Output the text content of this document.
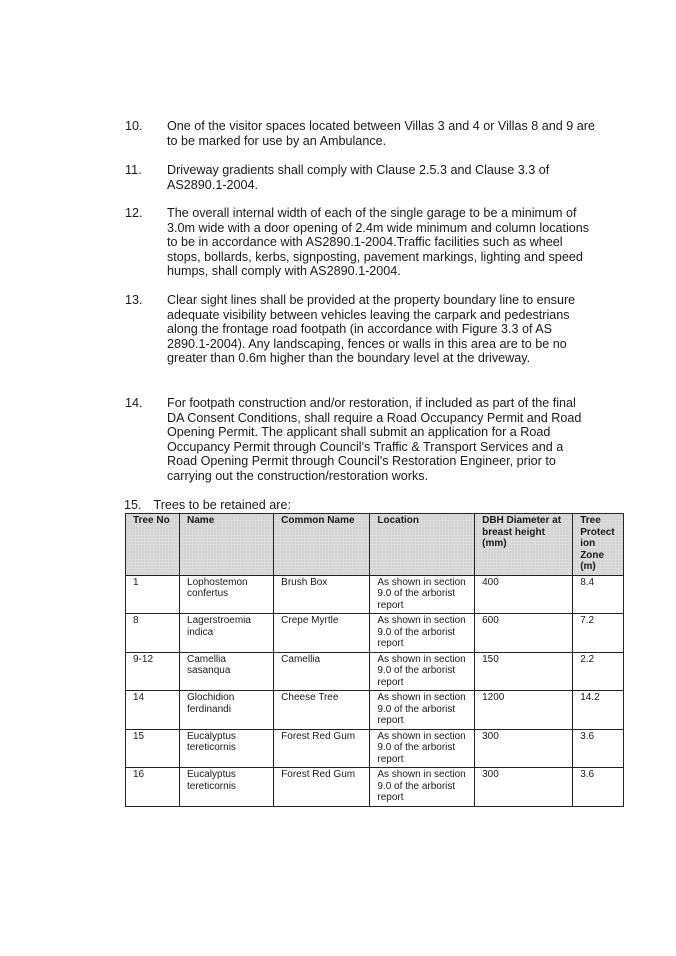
10.	One of the visitor spaces located between Villas 3 and 4 or Villas 8 and 9 are to be marked for use by an Ambulance.
11.	Driveway gradients shall comply with Clause 2.5.3 and Clause 3.3 of AS2890.1-2004.
12.	The overall internal width of each of the single garage to be a minimum of 3.0m wide with a door opening of 2.4m wide minimum and column locations to be in accordance with AS2890.1-2004.Traffic facilities such as wheel stops, bollards, kerbs, signposting, pavement markings, lighting and speed humps, shall comply with AS2890.1-2004.
13.	Clear sight lines shall be provided at the property boundary line to ensure adequate visibility between vehicles leaving the carpark and pedestrians along the frontage road footpath (in accordance with Figure 3.3 of AS 2890.1-2004). Any landscaping, fences or walls in this area are to be no greater than 0.6m higher than the boundary level at the driveway.
14.	For footpath construction and/or restoration, if included as part of the final DA Consent Conditions, shall require a Road Occupancy Permit and Road Opening Permit. The applicant shall submit an application for a Road Occupancy Permit through Council's Traffic & Transport Services and a Road Opening Permit through Council's Restoration Engineer, prior to carrying out the construction/restoration works.
15. Trees to be retained are:
Tree No	Name	Common Name	Location	DBH Diameter at breast height (mm)	Tree Protect ion Zone (m)
1	Lophostemon confertus	Brush Box	As shown in section 9.0 of the arborist report	400	8.4
8	Lagerstroemia indica	Crepe Myrtle	As shown in section 9.0 of the arborist report	600	7.2
9-12	Camellia sasanqua	Camellia	As shown in section 9.0 of the arborist report	150	2.2
14	Glochidion ferdinandi	Cheese Tree	As shown in section 9.0 of the arborist report	1200	14.2
15	Eucalyptus tereticornis	Forest Red Gum	As shown in section 9.0 of the arborist report	300	3.6
16	Eucalyptus tereticornis	Forest Red Gum	As shown in section 9.0 of the arborist report	300	3.6
